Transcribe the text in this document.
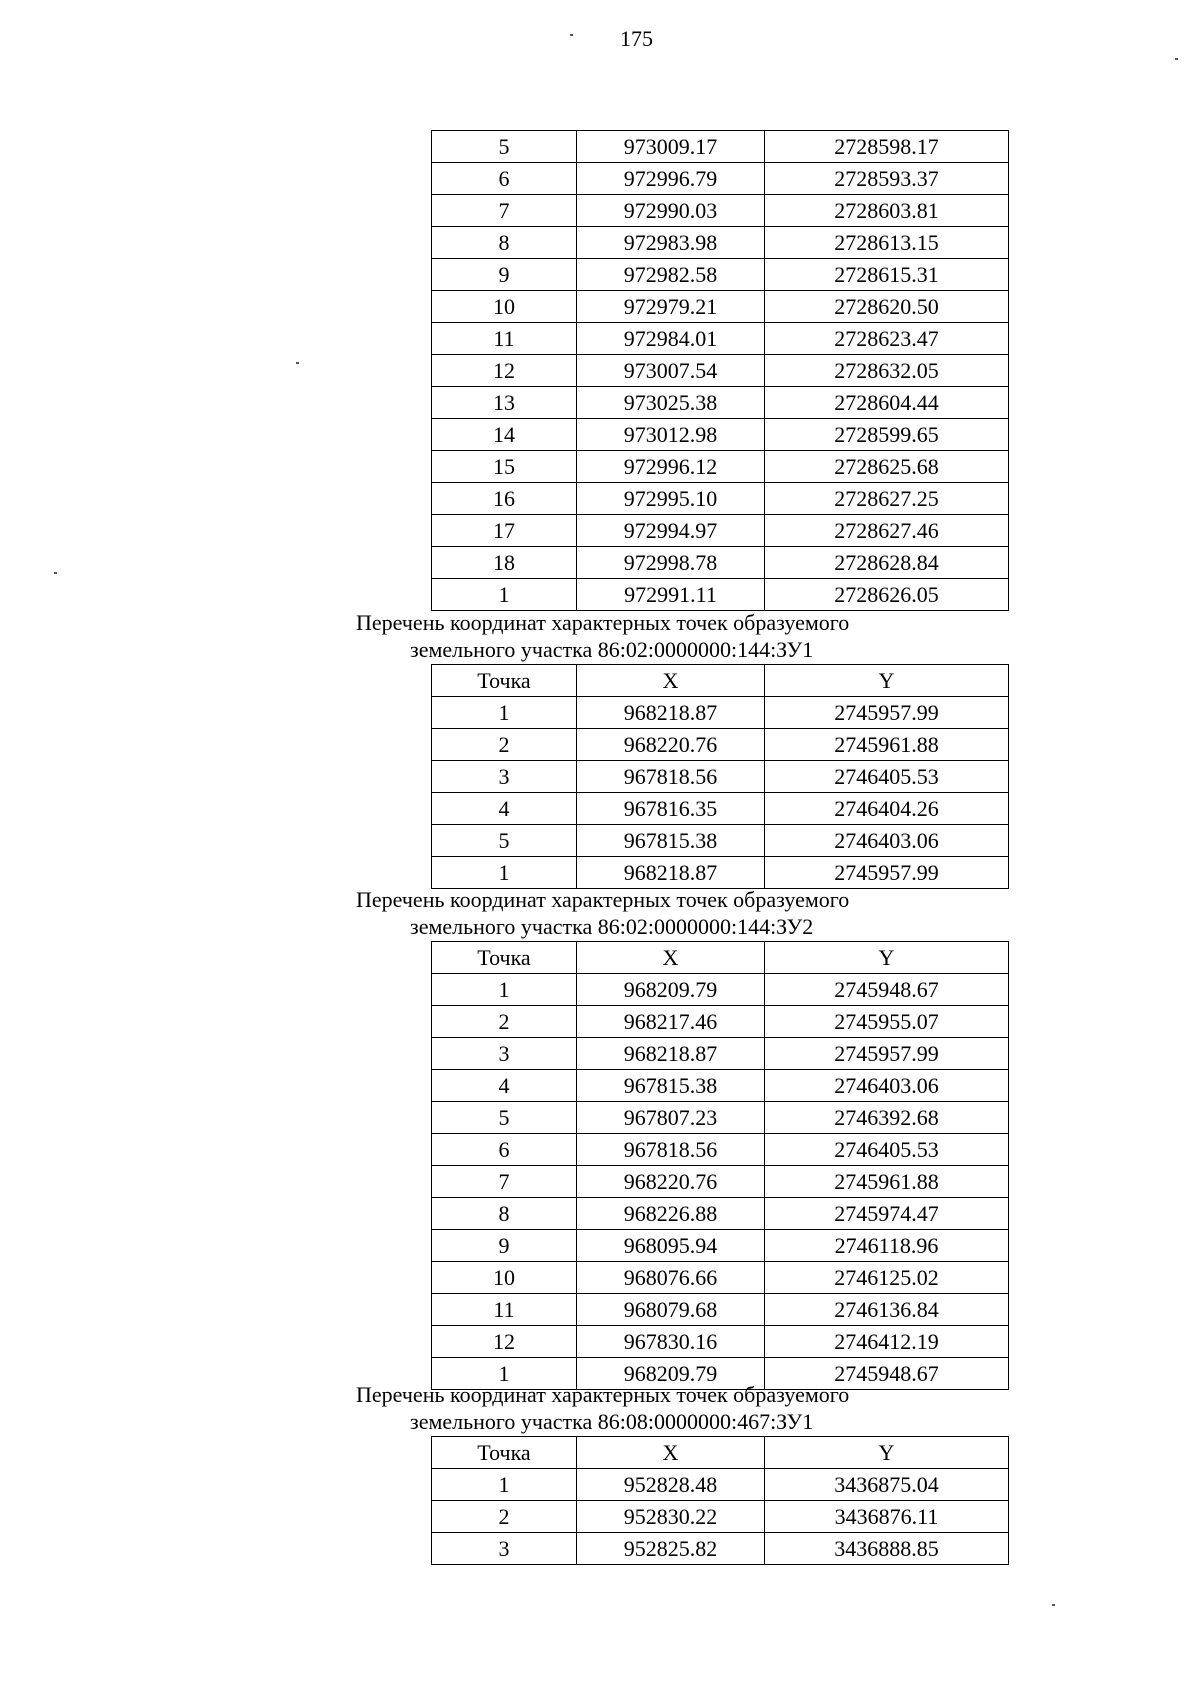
175
5	973009.17	2728598.17
6	972996.79	2728593.37
7	972990.03	2728603.81
8	972983.98	2728613.15
9	972982.58	2728615.31
10	972979.21	2728620.50
11	972984.01	2728623.47
12	973007.54	2728632.05
13	973025.38	2728604.44
14	973012.98	2728599.65
15	972996.12	2728625.68
16	972995.10	2728627.25
17	972994.97	2728627.46
18	972998.78	2728628.84
1	972991.11	2728626.05
Перечень координат характерных точек образуемого
земельного участка 86:02:0000000:144:ЗУ1
Точка	X	Y
1	968218.87	2745957.99
2	968220.76	2745961.88
3	967818.56	2746405.53
4	967816.35	2746404.26
5	967815.38	2746403.06
1	968218.87	2745957.99
Перечень координат характерных точек образуемого
земельного участка 86:02:0000000:144:ЗУ2
Точка	X	Y
1	968209.79	2745948.67
2	968217.46	2745955.07
3	968218.87	2745957.99
4	967815.38	2746403.06
5	967807.23	2746392.68
6	967818.56	2746405.53
7	968220.76	2745961.88
8	968226.88	2745974.47
9	968095.94	2746118.96
10	968076.66	2746125.02
11	968079.68	2746136.84
12	967830.16	2746412.19
1	968209.79	2745948.67
Перечень координат характерных точек образуемого
земельного участка 86:08:0000000:467:ЗУ1
Точка	X	Y
1	952828.48	3436875.04
2	952830.22	3436876.11
3	952825.82	3436888.85
